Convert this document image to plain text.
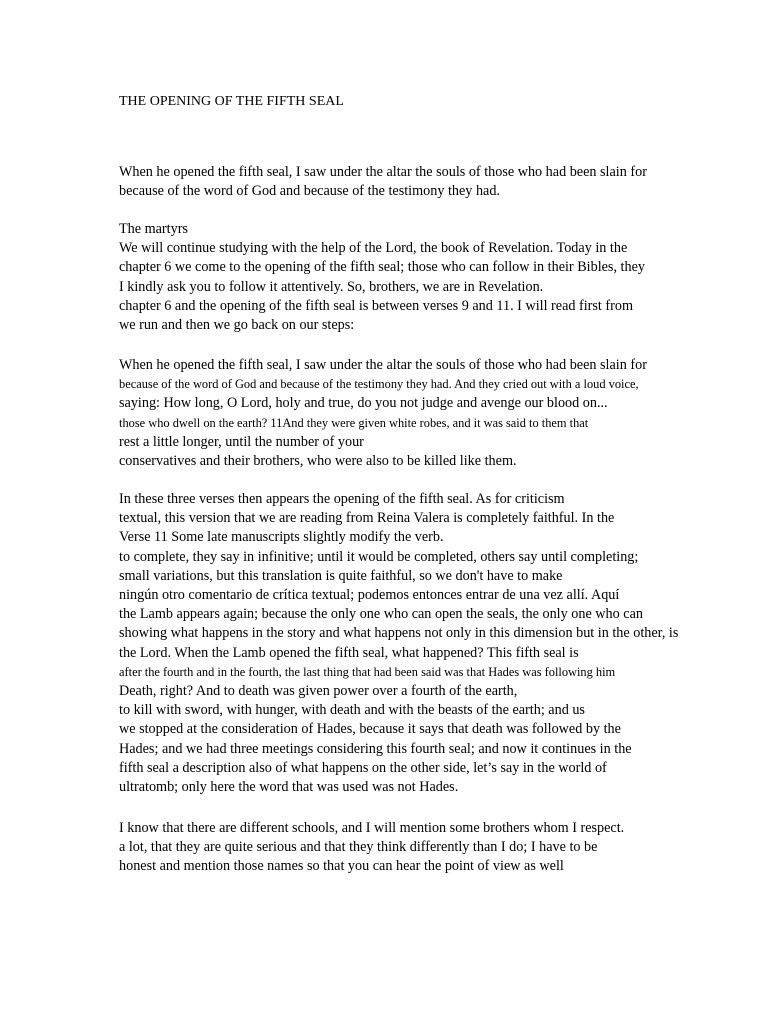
THE OPENING OF THE FIFTH SEAL
When he opened the fifth seal, I saw under the altar the souls of those who had been slain for
because of the word of God and because of the testimony they had.
The martyrs
We will continue studying with the help of the Lord, the book of Revelation. Today in the
chapter 6 we come to the opening of the fifth seal; those who can follow in their Bibles, they
I kindly ask you to follow it attentively. So, brothers, we are in Revelation.
chapter 6 and the opening of the fifth seal is between verses 9 and 11. I will read first from
we run and then we go back on our steps:
When he opened the fifth seal, I saw under the altar the souls of those who had been slain for
because of the word of God and because of the testimony they had. And they cried out with a loud voice,
saying: How long, O Lord, holy and true, do you not judge and avenge our blood on...
those who dwell on the earth? 11And they were given white robes, and it was said to them that
rest a little longer, until the number of your
conservatives and their brothers, who were also to be killed like them.
In these three verses then appears the opening of the fifth seal. As for criticism
textual, this version that we are reading from Reina Valera is completely faithful. In the
Verse 11 Some late manuscripts slightly modify the verb.
to complete, they say in infinitive; until it would be completed, others say until completing;
small variations, but this translation is quite faithful, so we don't have to make
ningún otro comentario de crítica textual; podemos entonces entrar de una vez allí. Aquí
the Lamb appears again; because the only one who can open the seals, the only one who can
showing what happens in the story and what happens not only in this dimension but in the other, is
the Lord. When the Lamb opened the fifth seal, what happened? This fifth seal is
after the fourth and in the fourth, the last thing that had been said was that Hades was following him
Death, right? And to death was given power over a fourth of the earth,
to kill with sword, with hunger, with death and with the beasts of the earth; and us
we stopped at the consideration of Hades, because it says that death was followed by the
Hades; and we had three meetings considering this fourth seal; and now it continues in the
fifth seal a description also of what happens on the other side, let’s say in the world of
ultratomb; only here the word that was used was not Hades.
I know that there are different schools, and I will mention some brothers whom I respect.
a lot, that they are quite serious and that they think differently than I do; I have to be
honest and mention those names so that you can hear the point of view as well
